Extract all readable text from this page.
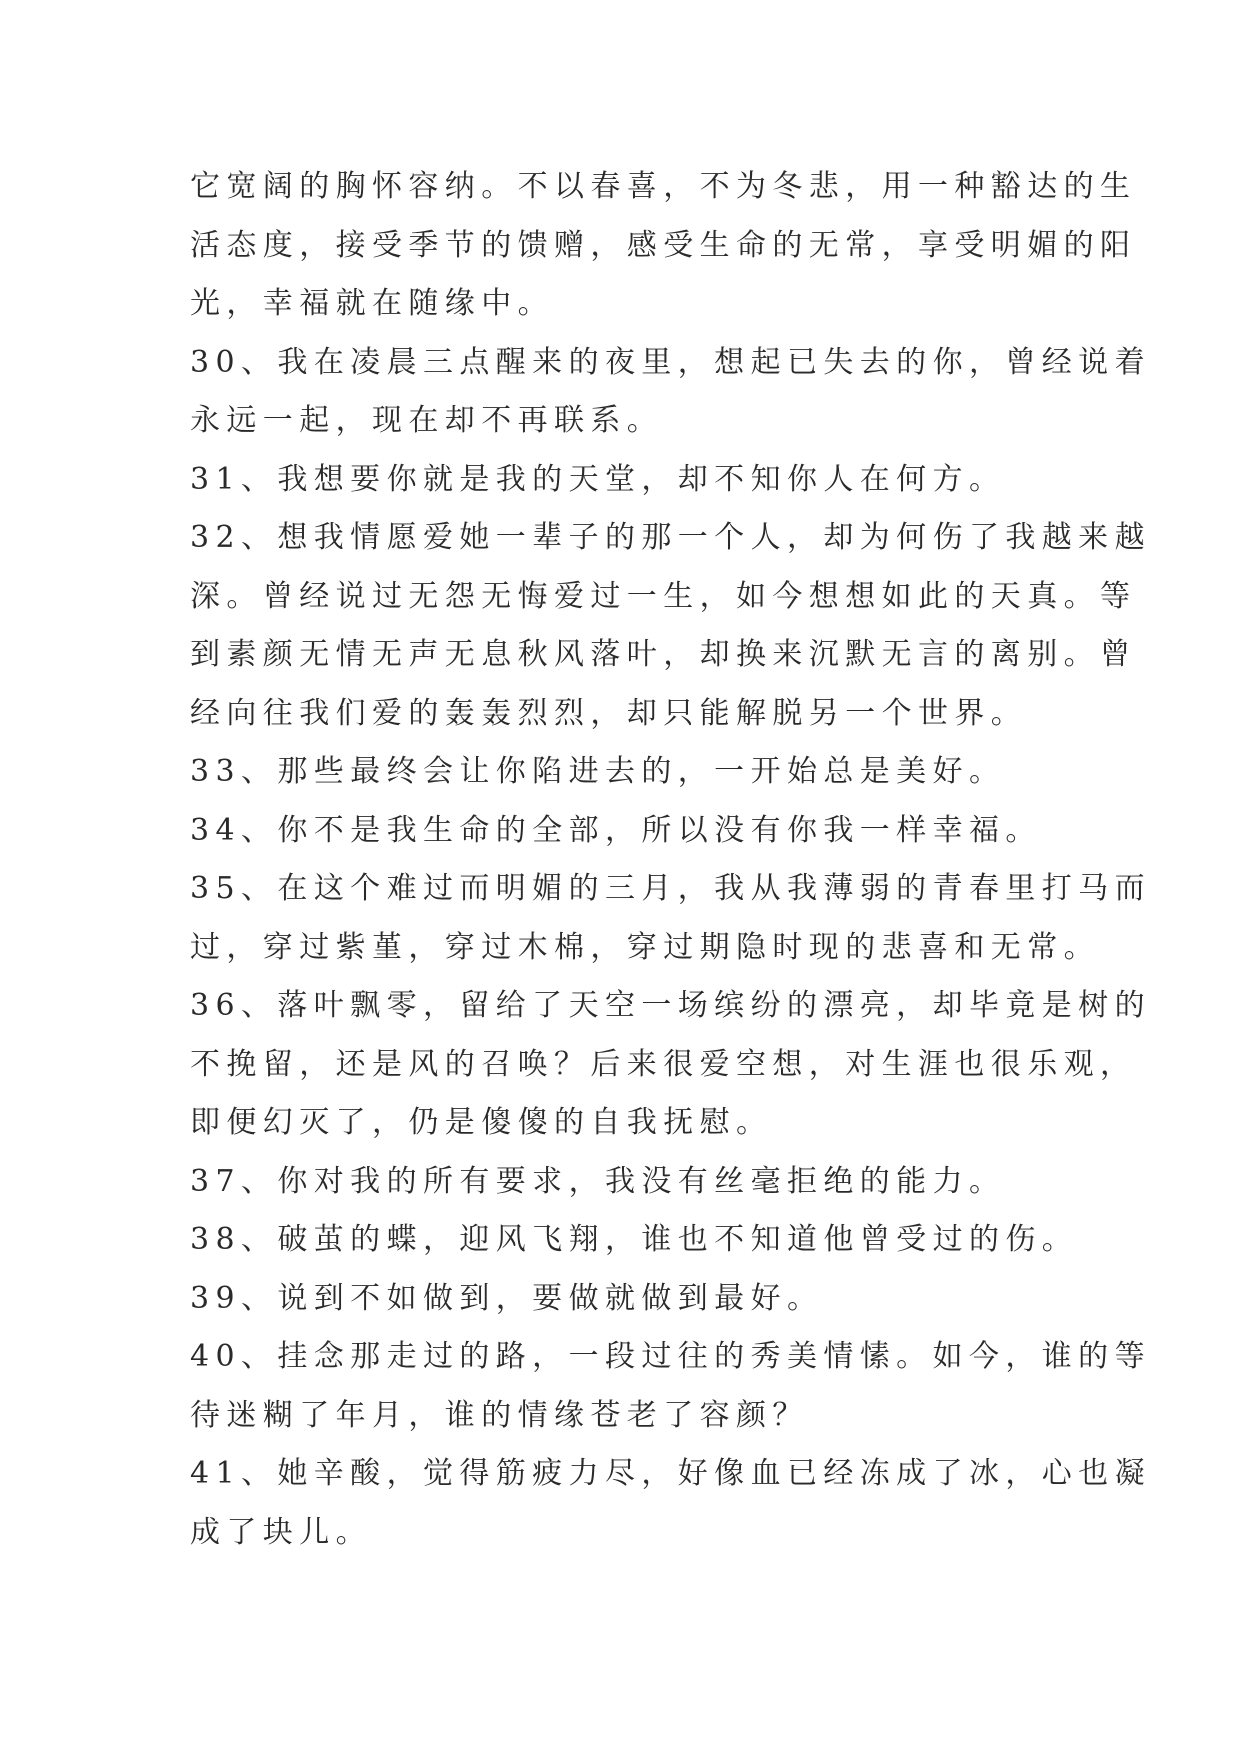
它宽阔的胸怀容纳。不以春喜，不为冬悲，用一种豁达的生
活态度，接受季节的馈赠，感受生命的无常，享受明媚的阳
光，幸福就在随缘中。
30、我在凌晨三点醒来的夜里，想起已失去的你，曾经说着
永远一起，现在却不再联系。
31、我想要你就是我的天堂，却不知你人在何方。
32、想我情愿爱她一辈子的那一个人，却为何伤了我越来越
深。曾经说过无怨无悔爱过一生，如今想想如此的天真。等
到素颜无情无声无息秋风落叶，却换来沉默无言的离别。曾
经向往我们爱的轰轰烈烈，却只能解脱另一个世界。
33、那些最终会让你陷进去的，一开始总是美好。
34、你不是我生命的全部，所以没有你我一样幸福。
35、在这个难过而明媚的三月，我从我薄弱的青春里打马而
过，穿过紫堇，穿过木棉，穿过期隐时现的悲喜和无常。
36、落叶飘零，留给了天空一场缤纷的漂亮，却毕竟是树的
不挽留，还是风的召唤？后来很爱空想，对生涯也很乐观，
即便幻灭了，仍是傻傻的自我抚慰。
37、你对我的所有要求，我没有丝毫拒绝的能力。
38、破茧的蝶，迎风飞翔，谁也不知道他曾受过的伤。
39、说到不如做到，要做就做到最好。
40、挂念那走过的路，一段过往的秀美情愫。如今，谁的等
待迷糊了年月，谁的情缘苍老了容颜？
41、她辛酸，觉得筋疲力尽，好像血已经冻成了冰，心也凝
成了块儿。
